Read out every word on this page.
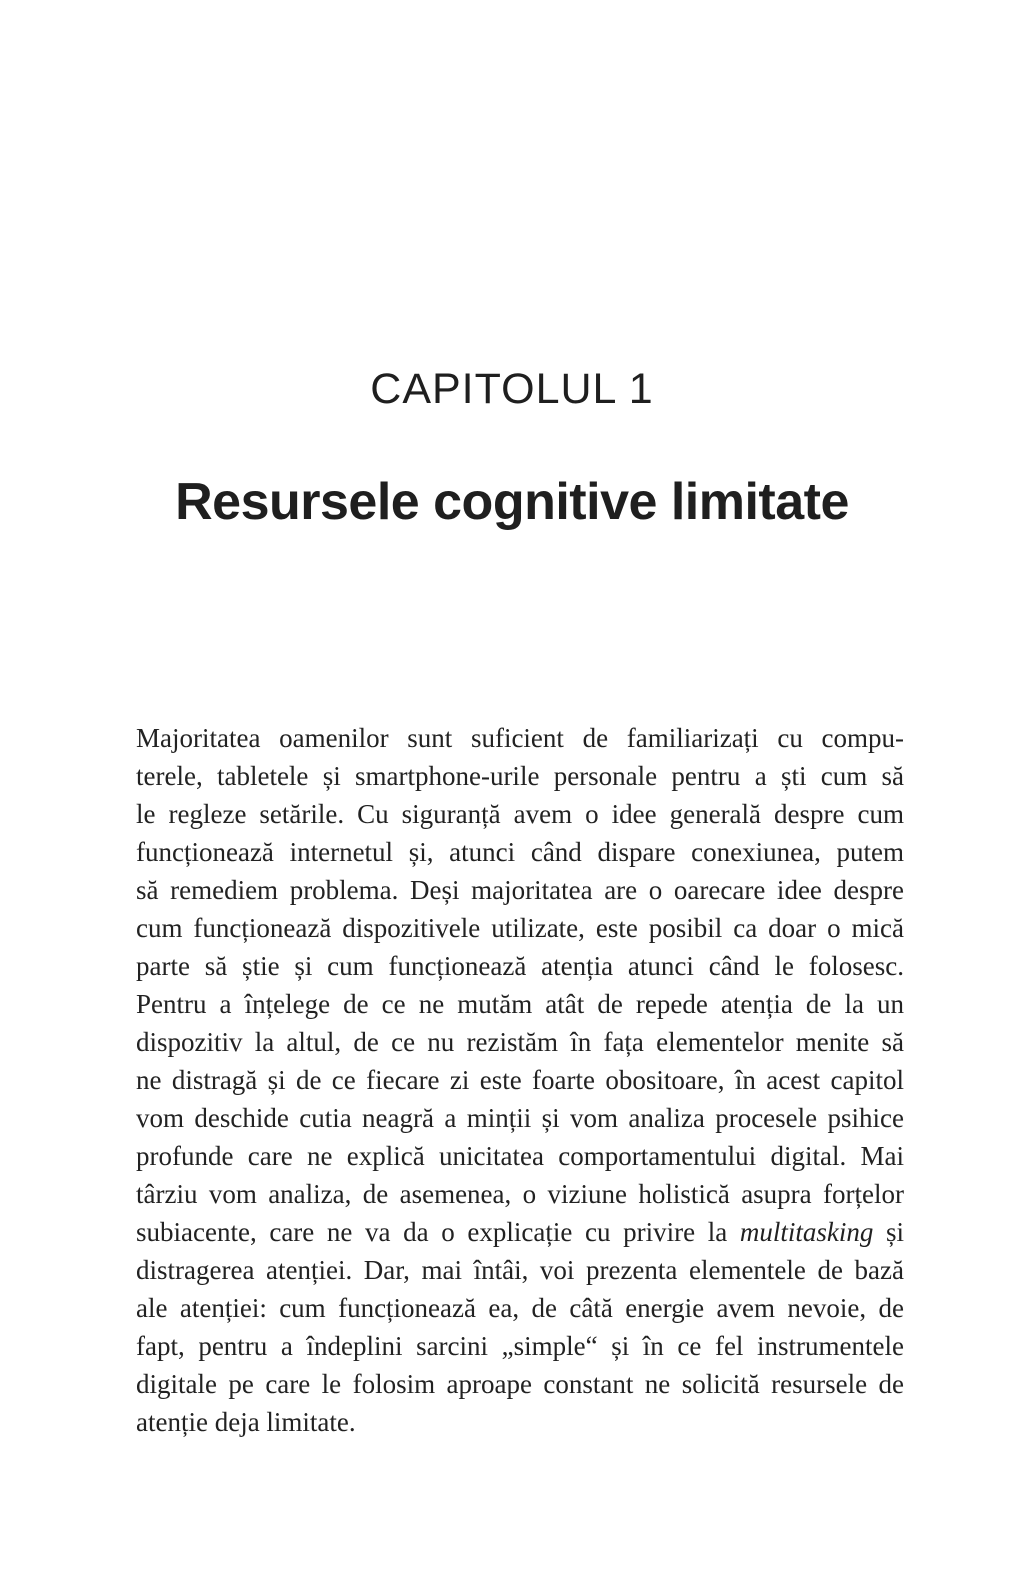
CAPITOLUL 1
Resursele cognitive limitate
Majoritatea oamenilor sunt suficient de familiarizați cu compu-
terele, tabletele și smartphone-urile personale pentru a ști cum să
le regleze setările. Cu siguranță avem o idee generală despre cum
funcționează internetul și, atunci când dispare conexiunea, putem
să remediem problema. Deși majoritatea are o oarecare idee despre
cum funcționează dispozitivele utilizate, este posibil ca doar o mică
parte să știe și cum funcționează atenția atunci când le folosesc.
Pentru a înțelege de ce ne mutăm atât de repede atenția de la un
dispozitiv la altul, de ce nu rezistăm în fața elementelor menite să
ne distragă și de ce fiecare zi este foarte obositoare, în acest capitol
vom deschide cutia neagră a minții și vom analiza procesele psihice
profunde care ne explică unicitatea comportamentului digital. Mai
târziu vom analiza, de asemenea, o viziune holistică asupra forțelor
subiacente, care ne va da o explicație cu privire la multitasking și
distragerea atenției. Dar, mai întâi, voi prezenta elementele de bază
ale atenției: cum funcționează ea, de câtă energie avem nevoie, de
fapt, pentru a îndeplini sarcini „simple“ și în ce fel instrumentele
digitale pe care le folosim aproape constant ne solicită resursele de
atenție deja limitate.
